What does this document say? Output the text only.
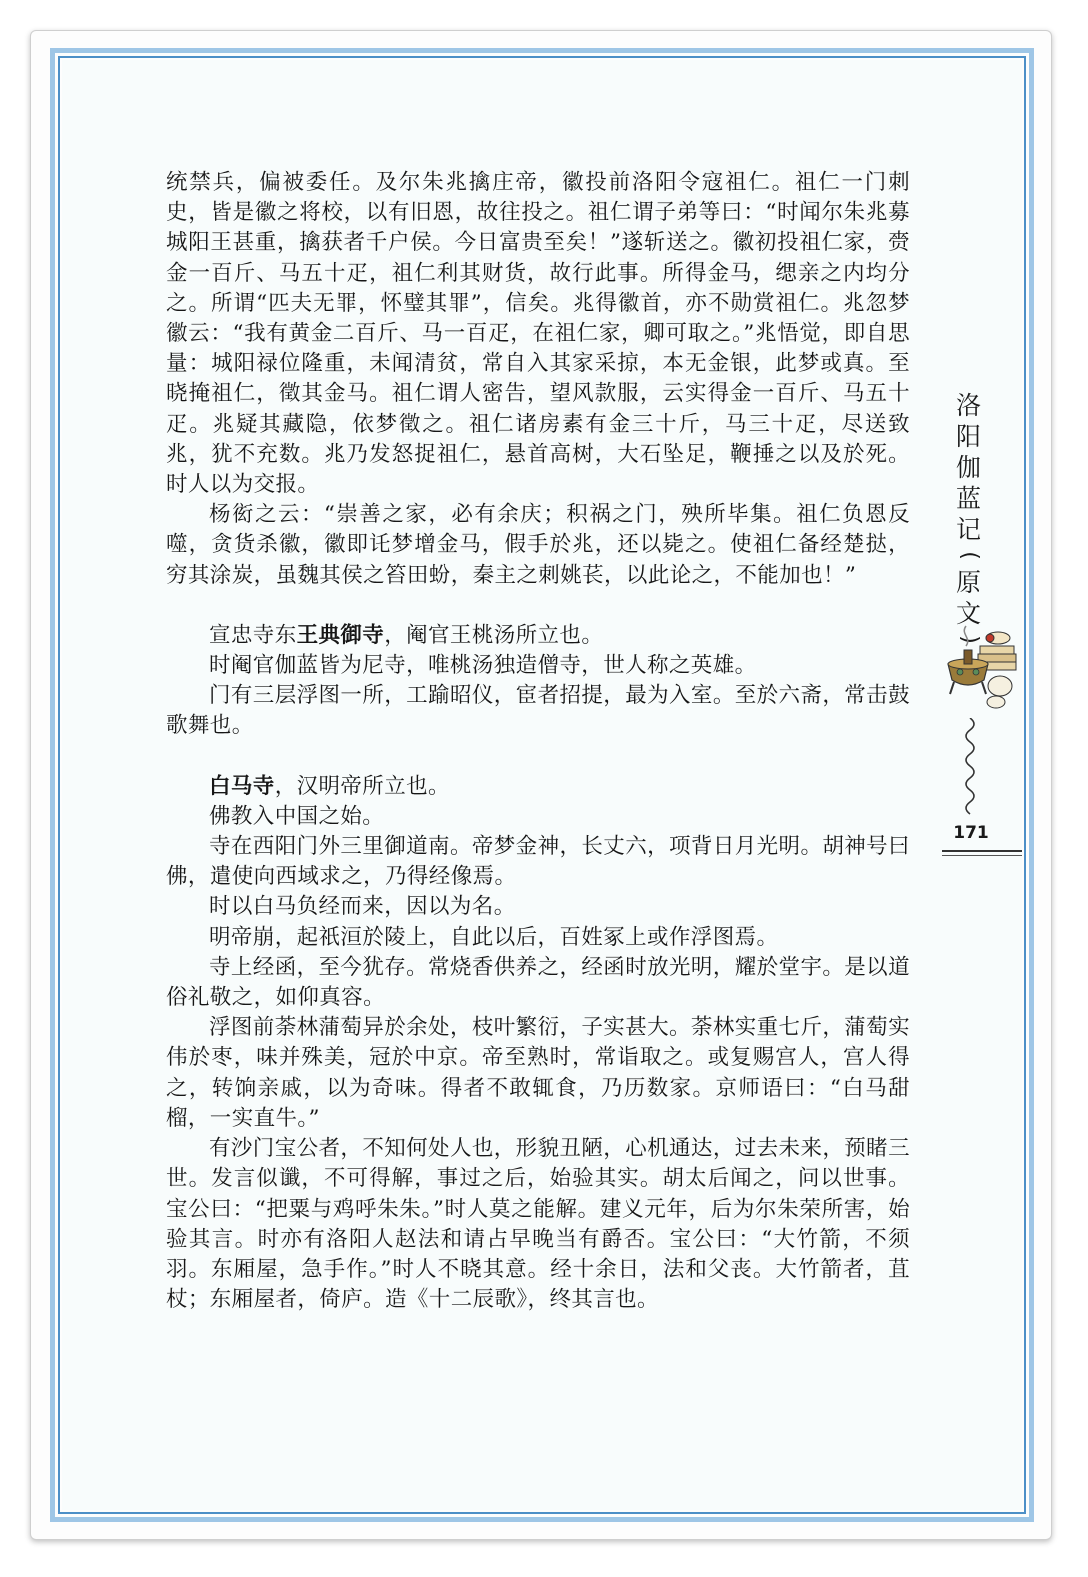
统禁兵，偏被委任。及尔朱兆擒庄帝，徽投前洛阳令寇祖仁。祖仁一门刺史，皆是徽之将校，以有旧恩，故往投之。祖仁谓子弟等曰：“时闻尔朱兆募城阳王甚重，擒获者千户侯。今日富贵至矣！”遂斩送之。徽初投祖仁家，赍金一百斤、马五十疋，祖仁利其财货，故行此事。所得金马，缌亲之内均分之。所谓“匹夫无罪，怀璧其罪”，信矣。兆得徽首，亦不勋赏祖仁。兆忽梦徽云：“我有黄金二百斤、马一百疋，在祖仁家，卿可取之。”兆悟觉，即自思量：城阳禄位隆重，未闻清贫，常自入其家采掠，本无金银，此梦或真。至晓掩祖仁，徵其金马。祖仁谓人密告，望风款服，云实得金一百斤、马五十疋。兆疑其藏隐，依梦徵之。祖仁诸房素有金三十斤，马三十疋，尽送致兆，犹不充数。兆乃发怒捉祖仁，悬首高树，大石坠足，鞭捶之以及於死。时人以为交报。

杨衒之云：“崇善之家，必有余庆；积祸之门，殃所毕集。祖仁负恩反噬，贪货杀徽，徽即讬梦增金马，假手於兆，还以毙之。使祖仁备经楚挞，穷其涂炭，虽魏其侯之笞田蚡，秦主之刺姚苌，以此论之，不能加也！”

宣忠寺东王典御寺，阉官王桃汤所立也。

时阉官伽蓝皆为尼寺，唯桃汤独造僧寺，世人称之英雄。

门有三层浮图一所，工踰昭仪，宦者招提，最为入室。至於六斋，常击鼓歌舞也。

白马寺，汉明帝所立也。

佛教入中国之始。

寺在西阳门外三里御道南。帝梦金神，长丈六，项背日月光明。胡神号曰佛，遣使向西域求之，乃得经像焉。

时以白马负经而来，因以为名。

明帝崩，起祇洹於陵上，自此以后，百姓冢上或作浮图焉。

寺上经函，至今犹存。常烧香供养之，经函时放光明，耀於堂宇。是以道俗礼敬之，如仰真容。

浮图前荼林蒲萄异於余处，枝叶繁衍，子实甚大。荼林实重七斤，蒲萄实伟於枣，味并殊美，冠於中京。帝至熟时，常诣取之。或复赐宫人，宫人得之，转饷亲戚，以为奇味。得者不敢辄食，乃历数家。京师语曰：“白马甜榴，一实直牛。”

有沙门宝公者，不知何处人也，形貌丑陋，心机通达，过去未来，预睹三世。发言似谶，不可得解，事过之后，始验其实。胡太后闻之，问以世事。宝公曰：“把粟与鸡呼朱朱。”时人莫之能解。建义元年，后为尔朱荣所害，始验其言。时亦有洛阳人赵法和请占早晚当有爵否。宝公曰：“大竹箭，不须羽。东厢屋，急手作。”时人不晓其意。经十余日，法和父丧。大竹箭者，苴杖；东厢屋者，倚庐。造《十二辰歌》，终其言也。

洛
阳
伽
蓝
记
(
原
文
)
171
